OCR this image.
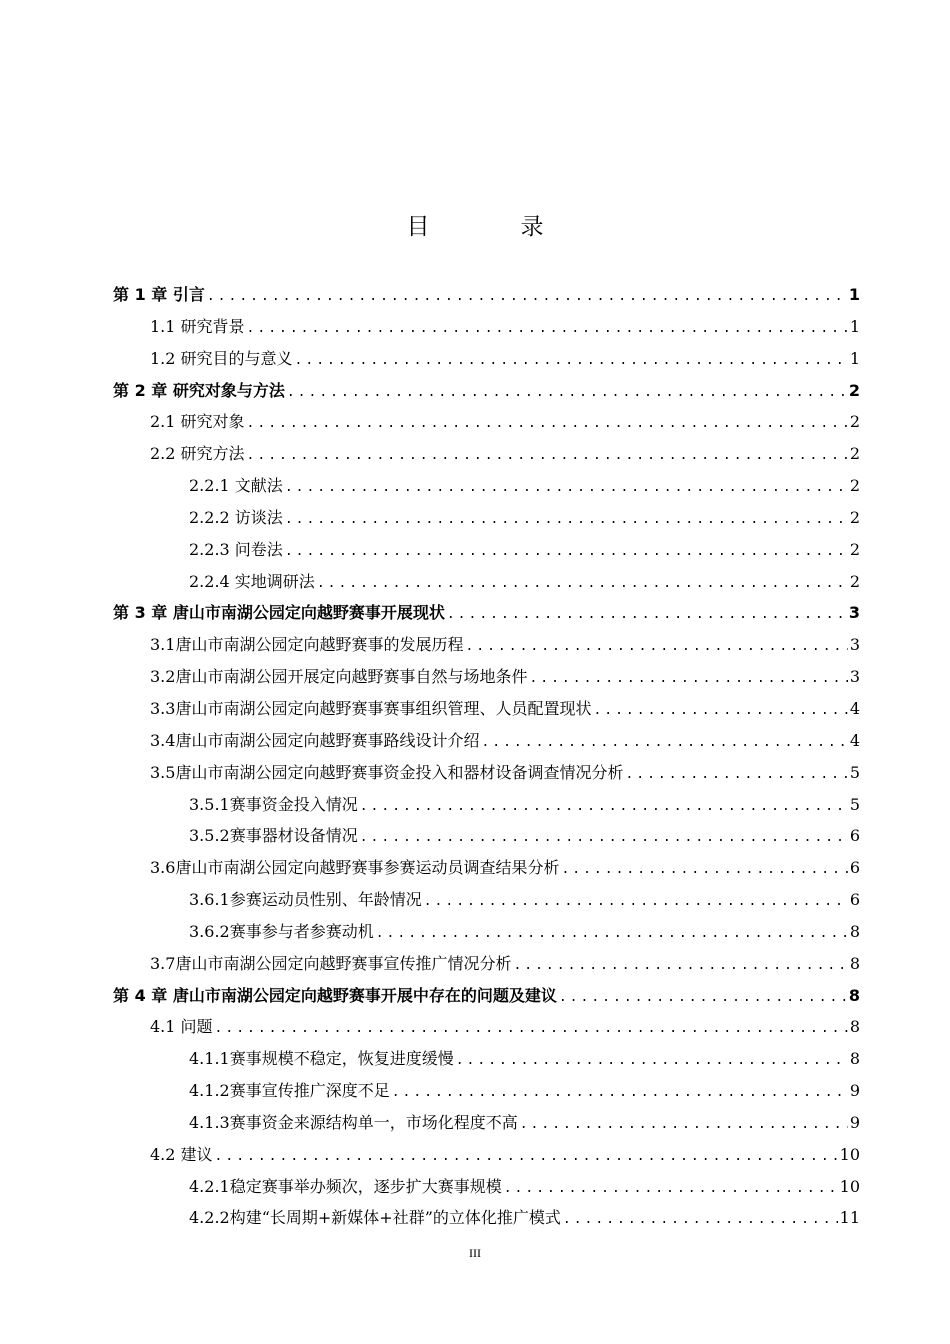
目　录
第 1 章 引言 .....	1
1.1 研究背景 .....	1
1.2 研究目的与意义 .....	1
第 2 章 研究对象与方法 .....	2
2.1 研究对象 .....	2
2.2 研究方法 .....	2
2.2.1 文献法 .....	2
2.2.2 访谈法 .....	2
2.2.3 问卷法 .....	2
2.2.4 实地调研法 .....	2
第 3 章 唐山市南湖公园定向越野赛事开展现状 .....	3
3.1唐山市南湖公园定向越野赛事的发展历程 .....	3
3.2唐山市南湖公园开展定向越野赛事自然与场地条件 .....	3
3.3唐山市南湖公园定向越野赛事赛事组织管理、人员配置现状 .....	4
3.4唐山市南湖公园定向越野赛事路线设计介绍 .....	4
3.5唐山市南湖公园定向越野赛事资金投入和器材设备调查情况分析 .....	5
3.5.1赛事资金投入情况 .....	5
3.5.2赛事器材设备情况 .....	6
3.6唐山市南湖公园定向越野赛事参赛运动员调查结果分析 .....	6
3.6.1参赛运动员性别、年龄情况 .....	6
3.6.2赛事参与者参赛动机 .....	8
3.7唐山市南湖公园定向越野赛事宣传推广情况分析 .....	8
第 4 章 唐山市南湖公园定向越野赛事开展中存在的问题及建议 .....	8
4.1 问题 .....	8
4.1.1赛事规模不稳定，恢复进度缓慢 .....	8
4.1.2赛事宣传推广深度不足 .....	9
4.1.3赛事资金来源结构单一，市场化程度不高 .....	9
4.2 建议 .....	10
4.2.1稳定赛事举办频次，逐步扩大赛事规模 .....	10
4.2.2构建“长周期+新媒体+社群”的立体化推广模式 .....	11
III
